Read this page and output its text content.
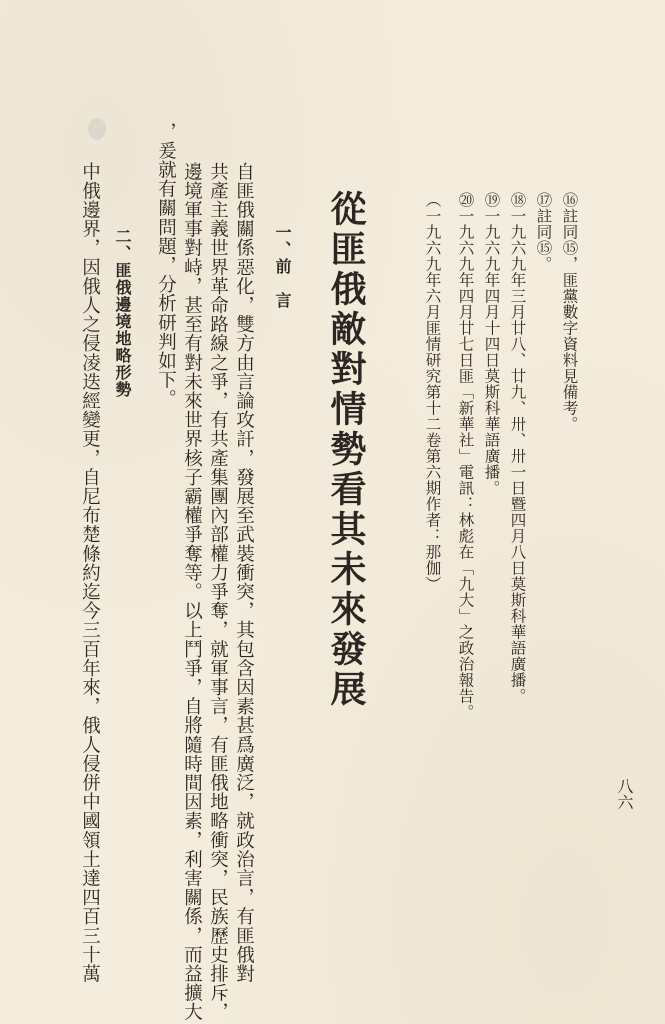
八六
⑯註同⑮，匪黨數字資料見備考。
⑰註同⑮。
⑱一九六九年三月廿八、廿九、卅、卅一日暨四月八日莫斯科華語廣播。
⑲一九六九年四月十四日莫斯科華語廣播。
⑳一九六九年四月廿七日匪「新華社」電訊：林彪在「九大」之政治報告。
（一九六九年六月匪情研究第十二卷第六期作者：那伽）
從匪俄敵對情勢看其未來發展
一、前　言
自匪俄關係惡化，雙方由言論攻訐，發展至武裝衝突，其包含因素甚爲廣泛，就政治言，有匪俄對
共產主義世界革命路線之爭，有共產集團內部權力爭奪，就軍事言，有匪俄地略衝突，民族歷史排斥，
邊境軍事對峙，甚至有對未來世界核子霸權爭奪等。以上鬥爭，自將隨時間因素，利害關係，而益擴大
，爰就有關問題，分析研判如下。
二、匪俄邊境地略形勢
中俄邊界，因俄人之侵凌迭經變更，自尼布楚條約迄今三百年來，俄人侵併中國領土達四百三十萬
